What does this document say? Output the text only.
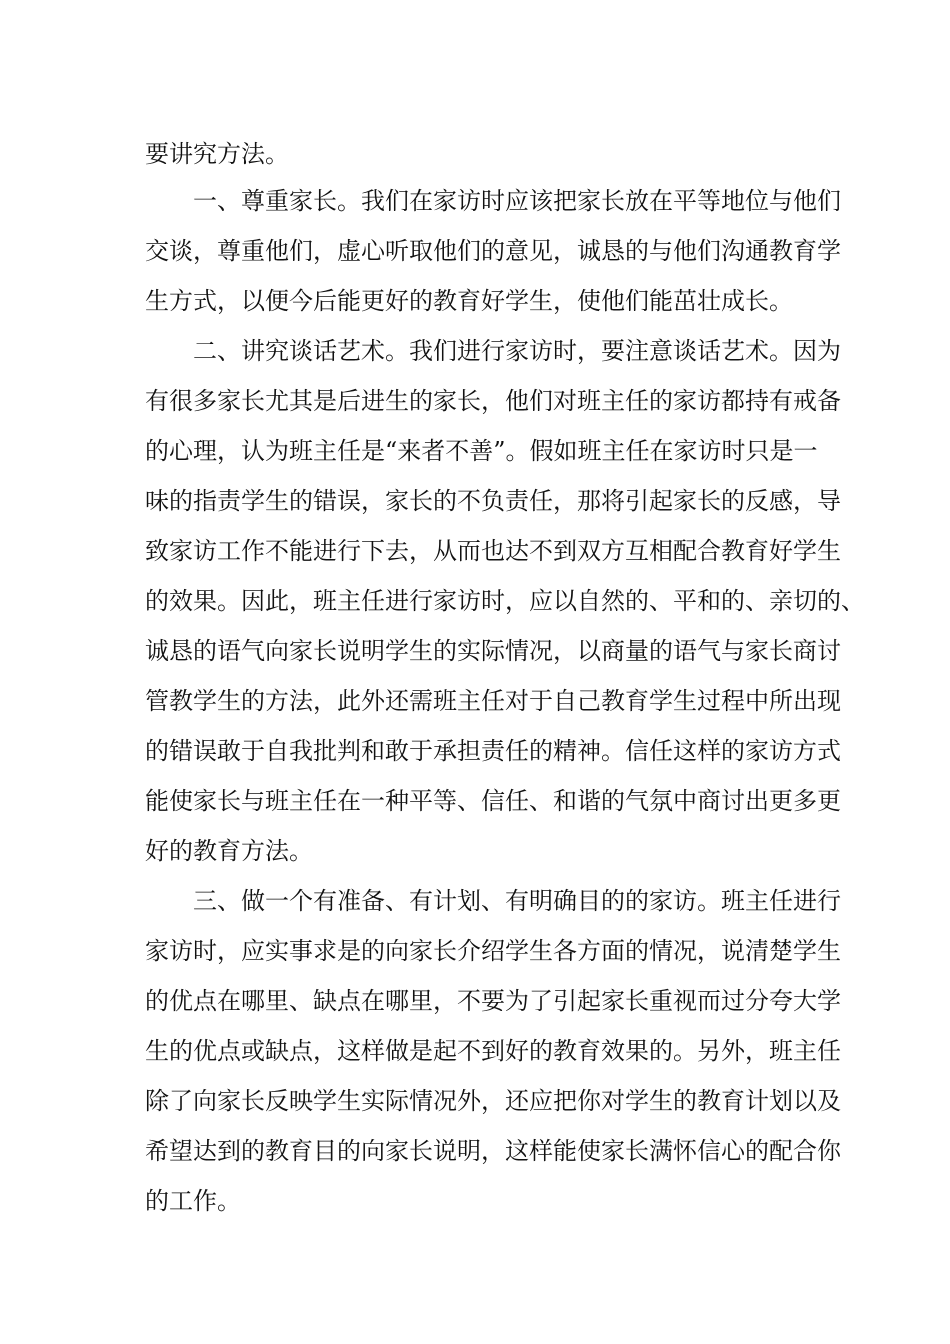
要讲究方法。
一、尊重家长。我们在家访时应该把家长放在平等地位与他们
交谈，尊重他们，虚心听取他们的意见，诚恳的与他们沟通教育学
生方式，以便今后能更好的教育好学生，使他们能茁壮成长。
二、讲究谈话艺术。我们进行家访时，要注意谈话艺术。因为
有很多家长尤其是后进生的家长，他们对班主任的家访都持有戒备
的心理，认为班主任是“来者不善”。假如班主任在家访时只是一
味的指责学生的错误，家长的不负责任，那将引起家长的反感，导
致家访工作不能进行下去，从而也达不到双方互相配合教育好学生
的效果。因此，班主任进行家访时，应以自然的、平和的、亲切的、
诚恳的语气向家长说明学生的实际情况，以商量的语气与家长商讨
管教学生的方法，此外还需班主任对于自己教育学生过程中所出现
的错误敢于自我批判和敢于承担责任的精神。信任这样的家访方式
能使家长与班主任在一种平等、信任、和谐的气氛中商讨出更多更
好的教育方法。
三、做一个有准备、有计划、有明确目的的家访。班主任进行
家访时，应实事求是的向家长介绍学生各方面的情况，说清楚学生
的优点在哪里、缺点在哪里，不要为了引起家长重视而过分夸大学
生的优点或缺点，这样做是起不到好的教育效果的。另外，班主任
除了向家长反映学生实际情况外，还应把你对学生的教育计划以及
希望达到的教育目的向家长说明，这样能使家长满怀信心的配合你
的工作。
